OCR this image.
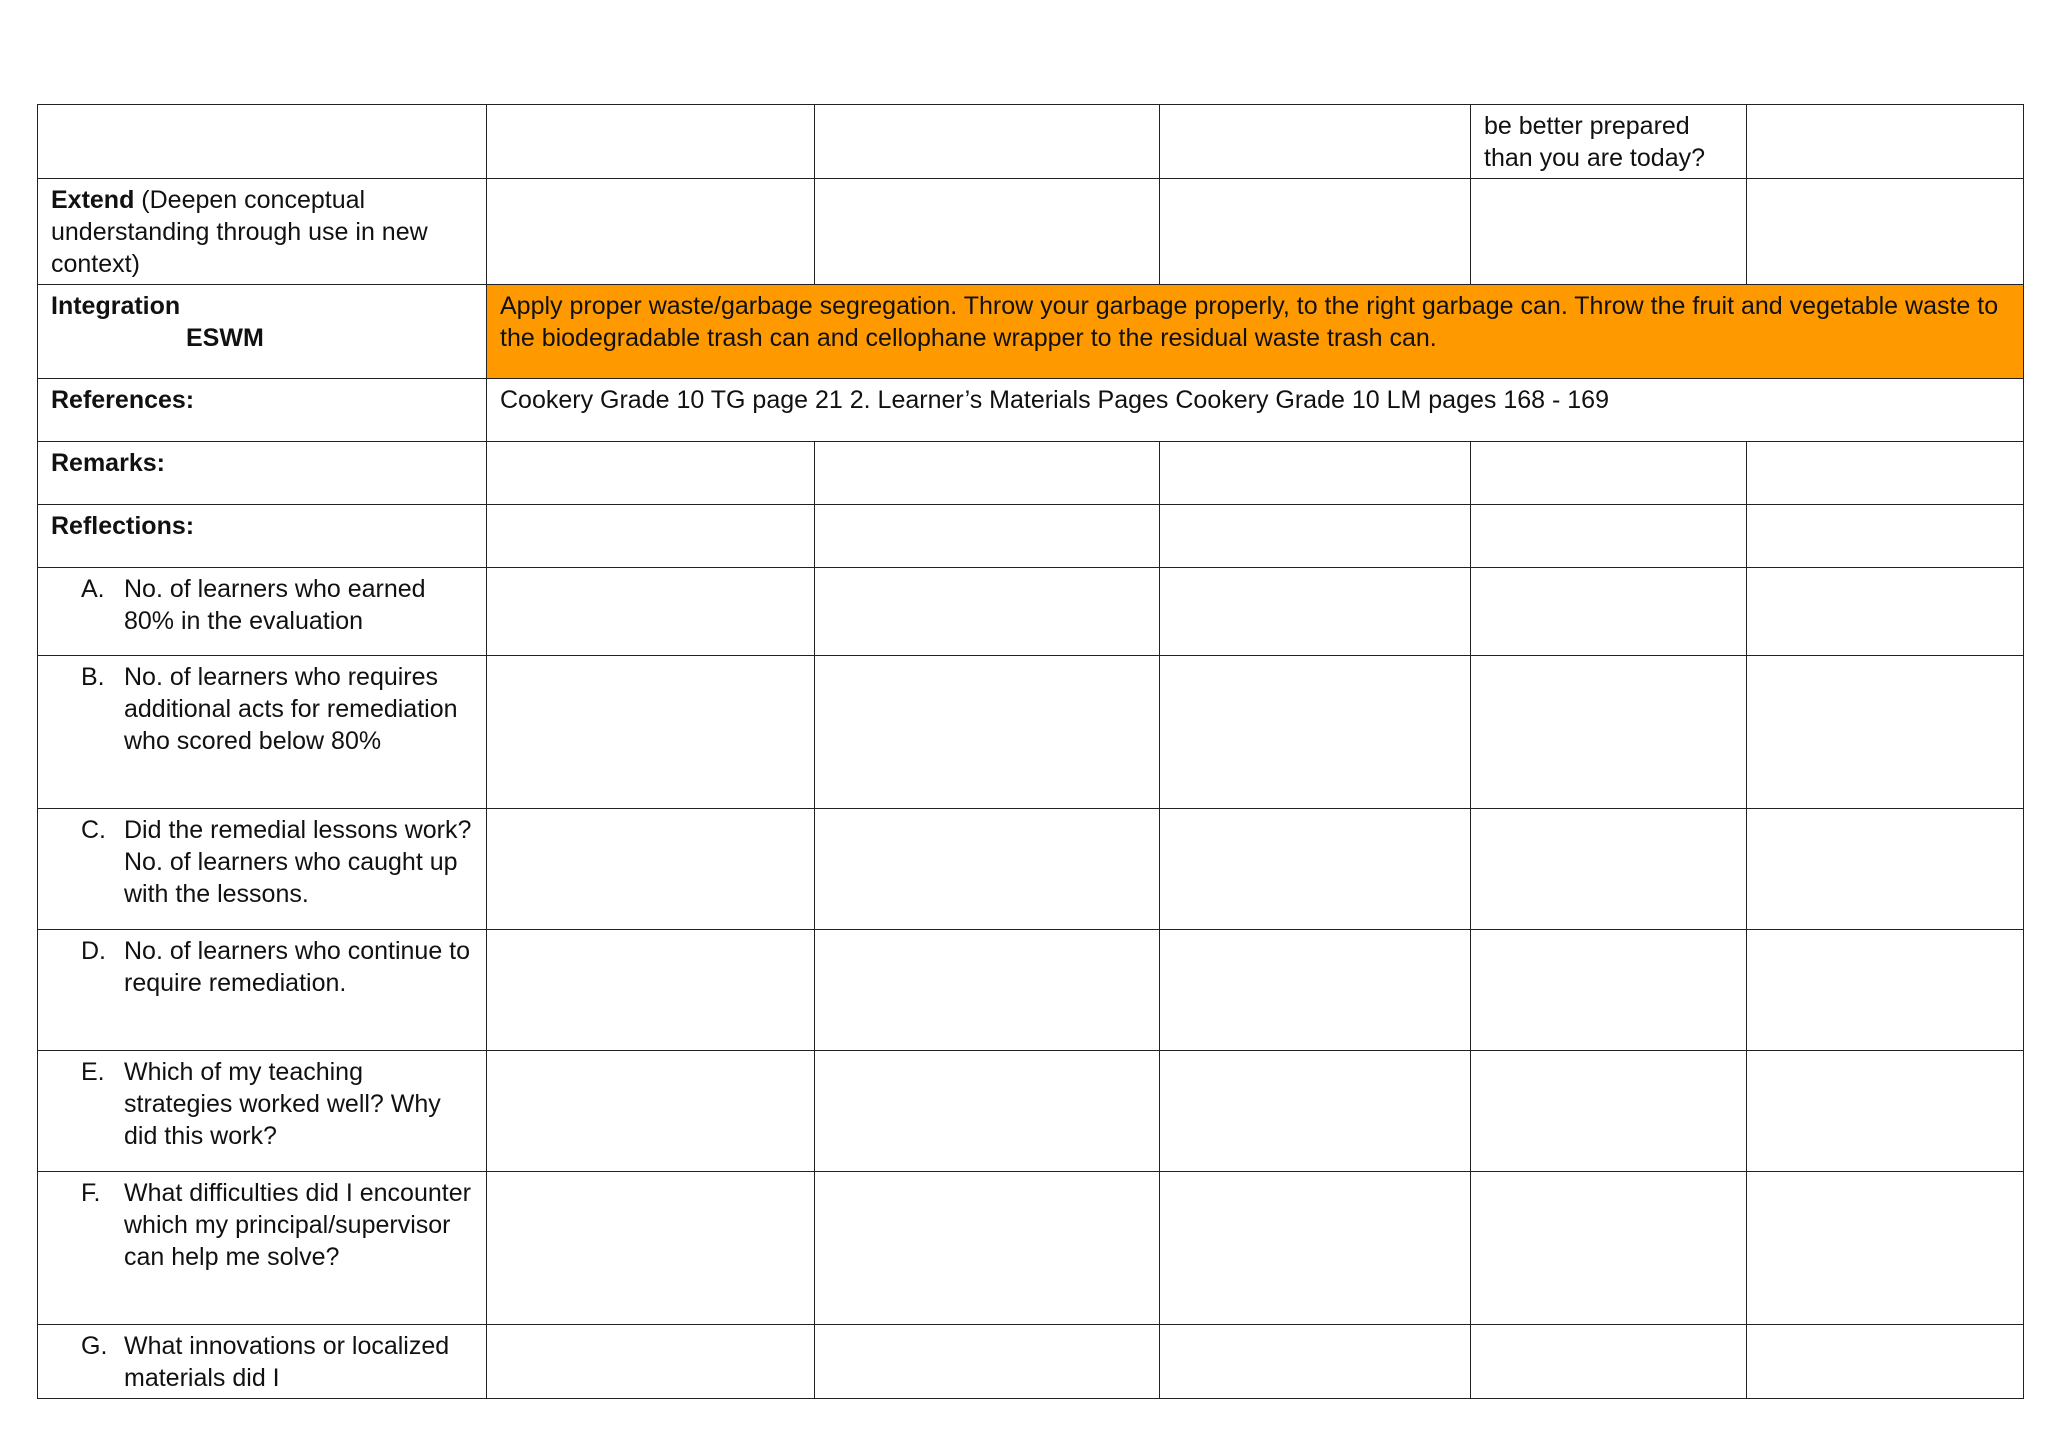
				be better prepared than you are today?	
Extend (Deepen conceptual understanding through use in new context)					
Integration
ESWM	Apply proper waste/garbage segregation. Throw your garbage properly, to the right garbage can. Throw the fruit and vegetable waste to the biodegradable trash can and cellophane wrapper to the residual waste trash can.				
References:	Cookery Grade 10 TG page 21 2. Learner’s Materials Pages Cookery Grade 10 LM pages 168 - 169				
Remarks:					
Reflections:					

A. No. of learners who earned 80% in the evaluation					

B. No. of learners who requires additional acts for remediation who scored below 80%					

C. Did the remedial lessons work? No. of learners who caught up with the lessons.					

D. No. of learners who continue to require remediation.					

E. Which of my teaching strategies worked well? Why did this work?					

F. What difficulties did I encounter which my principal/supervisor can help me solve?					

G. What innovations or localized materials did I					
